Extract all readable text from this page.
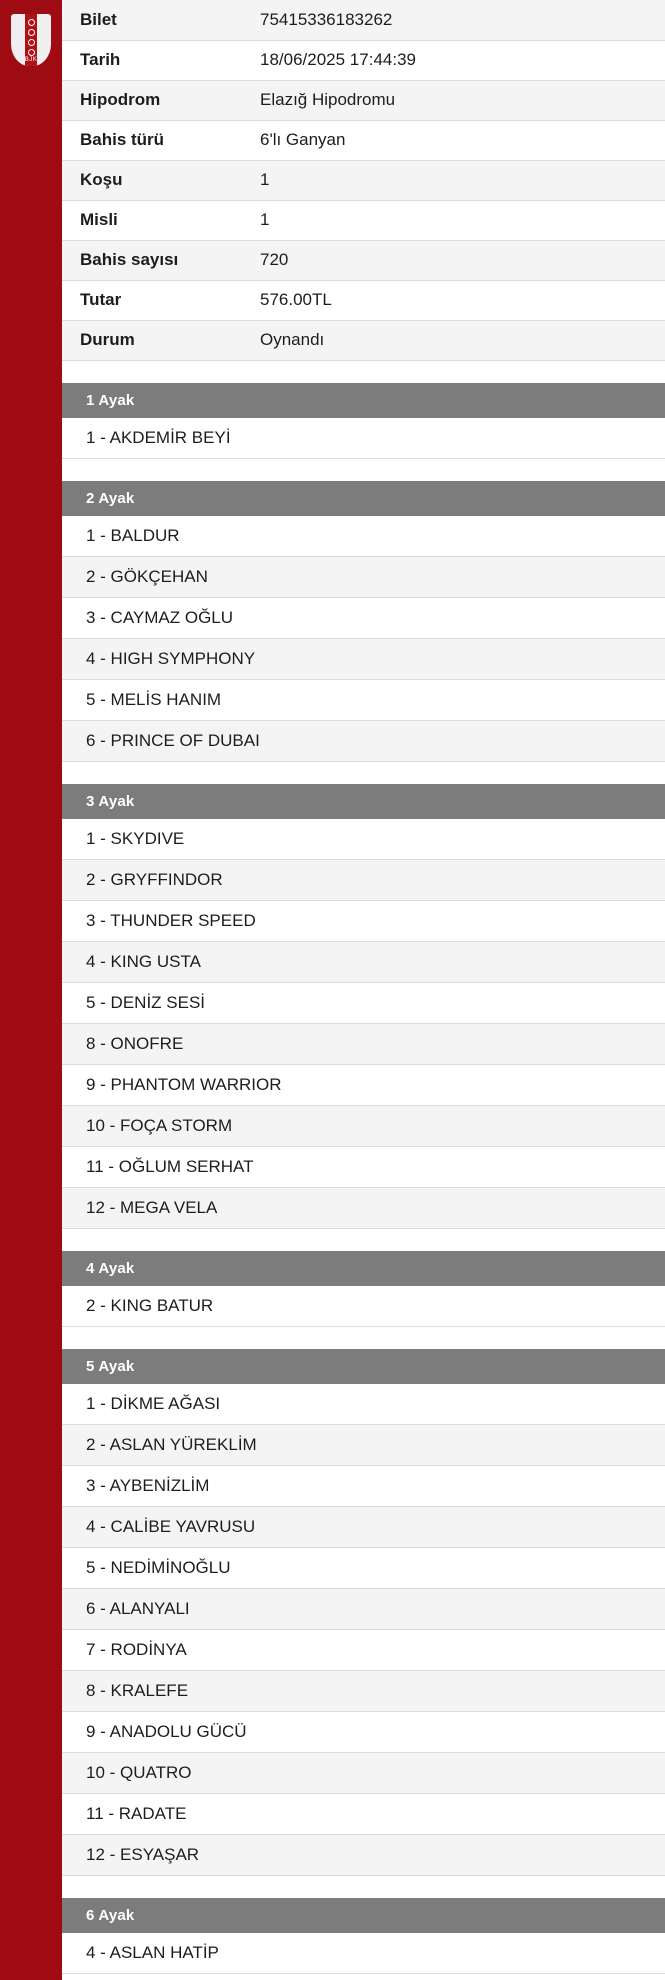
BJK
Bilet	75415336183262
Tarih	18/06/2025 17:44:39
Hipodrom	Elazığ Hipodromu
Bahis türü	6'lı Ganyan
Koşu	1
Misli	1
Bahis sayısı	720
Tutar	576.00TL
Durum	Oynandı
1 Ayak
1 - AKDEMİR BEYİ
2 Ayak
1 - BALDUR
2 - GÖKÇEHAN
3 - CAYMAZ OĞLU
4 - HIGH SYMPHONY
5 - MELİS HANIM
6 - PRINCE OF DUBAI
3 Ayak
1 - SKYDIVE
2 - GRYFFINDOR
3 - THUNDER SPEED
4 - KING USTA
5 - DENİZ SESİ
8 - ONOFRE
9 - PHANTOM WARRIOR
10 - FOÇA STORM
11 - OĞLUM SERHAT
12 - MEGA VELA
4 Ayak
2 - KING BATUR
5 Ayak
1 - DİKME AĞASI
2 - ASLAN YÜREKLİM
3 - AYBENİZLİM
4 - CALİBE YAVRUSU
5 - NEDİMİNOĞLU
6 - ALANYALI
7 - RODİNYA
8 - KRALEFE
9 - ANADOLU GÜCÜ
10 - QUATRO
11 - RADATE
12 - ESYAŞAR
6 Ayak
4 - ASLAN HATİP
